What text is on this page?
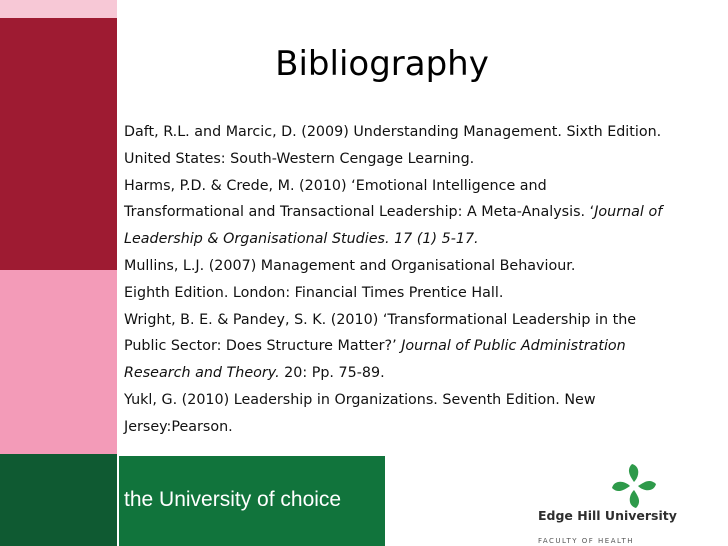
Bibliography
Daft, R.L. and Marcic, D. (2009) Understanding Management. Sixth Edition.
United States: South-Western Cengage Learning.
Harms, P.D. & Crede, M. (2010) ‘Emotional Intelligence and
Transformational and Transactional Leadership: A Meta-Analysis. ‘Journal of
Leadership & Organisational Studies. 17 (1) 5-17.
Mullins, L.J. (2007) Management and Organisational Behaviour.
Eighth Edition. London: Financial Times Prentice Hall.
Wright, B. E. & Pandey, S. K. (2010) ‘Transformational Leadership in the
Public Sector: Does Structure Matter?’ Journal of Public Administration
Research and Theory. 20: Pp. 75-89.
Yukl, G. (2010) Leadership in Organizations. Seventh Edition. New
Jersey:Pearson.
the University of choice
Edge Hill University
FACULTY OF HEALTH
